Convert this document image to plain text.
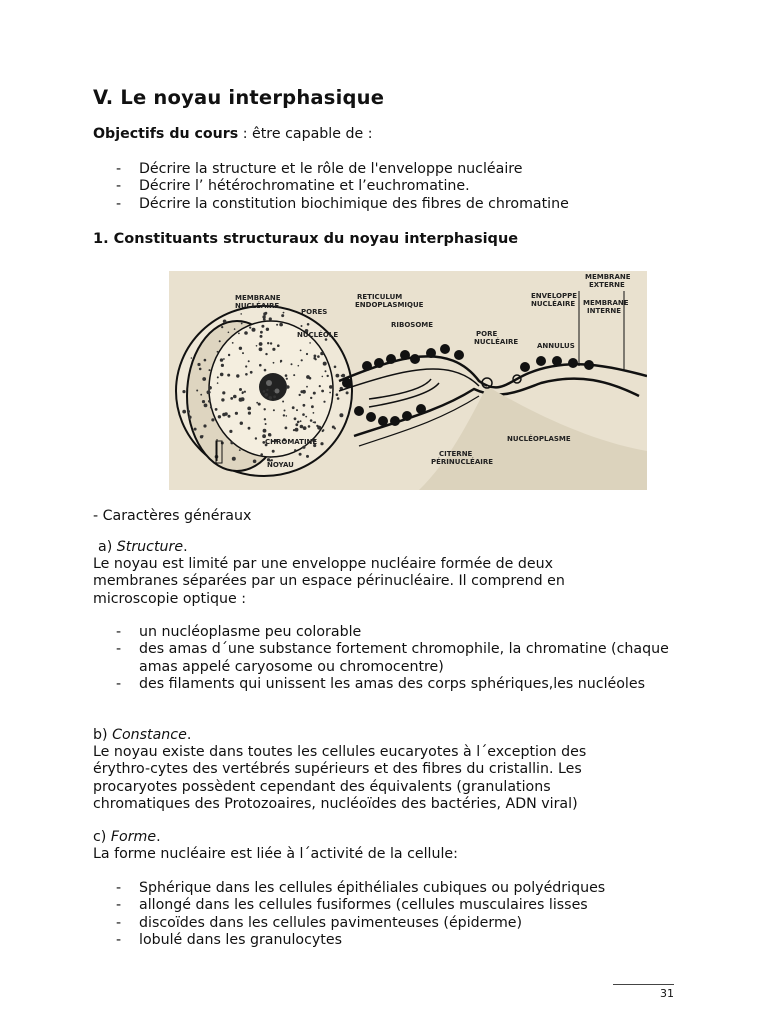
V. Le noyau interphasique
Objectifs du cours : être capable de :
- Décrire la structure et le rôle de l'enveloppe nucléaire
- Décrire l’ hétérochromatine et l’euchromatine.
- Décrire la constitution biochimique des fibres de chromatine
1. Constituants structuraux du noyau interphasique
MEMBRANE
NUCLÉAIRE
PORES
NUCLÉOLE
CHROMATINE
NOYAU
RETICULUM
ENDOPLASMIQUE
RIBOSOME
PORE
NUCLÉAIRE
CITERNE
PÉRINUCLÉAIRE
ENVELOPPE
NUCLÉAIRE
ANNULUS
MEMBRANE
EXTERNE
MEMBRANE
INTERNE
NUCLÉOPLASME
- Caractères généraux
a) Structure.
Le noyau est limité par une enveloppe nucléaire formée de deux
membranes séparées par un espace périnucléaire. Il comprend en
microscopie optique :
- un nucléoplasme peu colorable
- des amas d´une substance fortement chromophile, la chromatine (chaque amas appelé caryosome ou chromocentre)
- des filaments qui unissent les amas des corps sphériques,les nucléoles
b) Constance.
Le noyau existe dans toutes les cellules eucaryotes à l´exception des
érythro-cytes des vertébrés supérieurs et des fibres du cristallin. Les
procaryotes possèdent cependant des équivalents (granulations
chromatiques des Protozoaires, nucléoïdes des bactéries, ADN viral)
c) Forme.
La forme nucléaire est liée à l´activité de la cellule:
- Sphérique dans les cellules épithéliales cubiques ou polyédriques
- allongé dans les cellules fusiformes (cellules musculaires lisses
- discoïdes dans les cellules pavimenteuses (épiderme)
- lobulé dans les granulocytes
31
